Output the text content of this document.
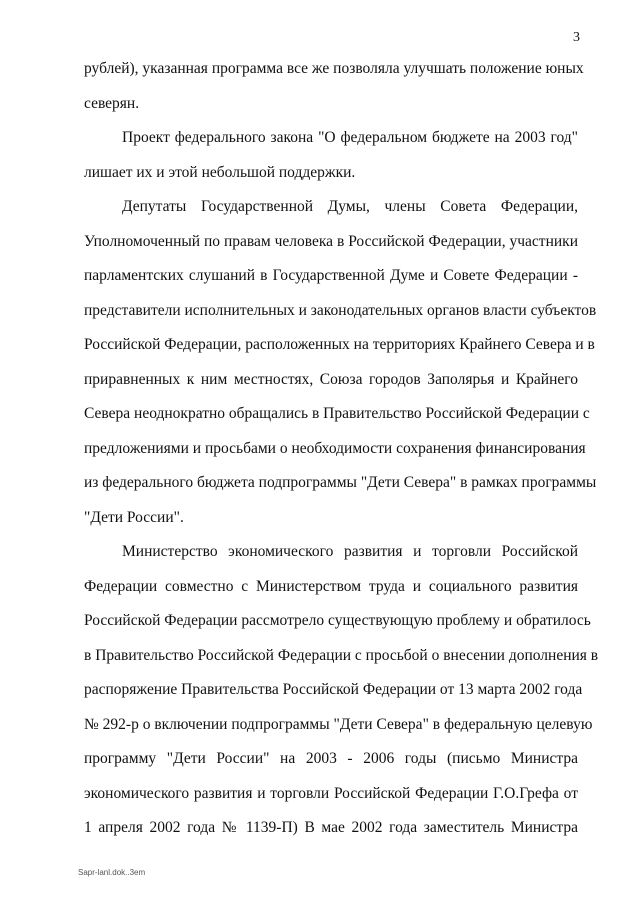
3
рублей), указанная программа все же позволяла улучшать положение юных
северян.
Проект федерального закона "О федеральном бюджете на 2003 год"
лишает их и этой небольшой поддержки.
Депутаты Государственной Думы, члены Совета Федерации,
Уполномоченный по правам человека в Российской Федерации, участники
парламентских слушаний в Государственной Думе и Совете Федерации -
представители исполнительных и законодательных органов власти субъектов
Российской Федерации, расположенных на территориях Крайнего Севера и в
приравненных к ним местностях, Союза городов Заполярья и Крайнего
Севера неоднократно обращались в Правительство Российской Федерации с
предложениями и просьбами о необходимости сохранения финансирования
из федерального бюджета подпрограммы "Дети Севера" в рамках программы
"Дети России".
Министерство экономического развития и торговли Российской
Федерации совместно с Министерством труда и социального развития
Российской Федерации рассмотрело существующую проблему и обратилось
в Правительство Российской Федерации с просьбой о внесении дополнения в
распоряжение Правительства Российской Федерации от 13 марта 2002 года
№ 292-р о включении подпрограммы "Дети Севера" в федеральную целевую
программу "Дети России" на 2003 - 2006 годы (письмо Министра
экономического развития и торговли Российской Федерации Г.О.Грефа от
1 апреля 2002 года № 1139-П) В мае 2002 года заместитель Министра
Sapr-lanl.dok..3em
